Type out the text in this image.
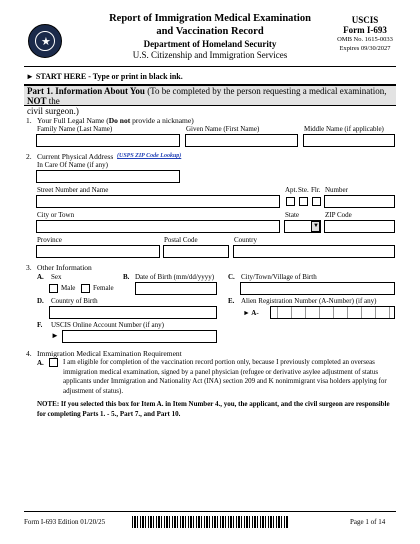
★
Report of Immigration Medical Examination
and Vaccination Record
Department of Homeland Security
U.S. Citizenship and Immigration Services
USCIS
Form I-693
OMB No. 1615-0033
Expires 09/30/2027
► START HERE - Type or print in black ink.
Part 1. Information About You (To be completed by the person requesting a medical examination, NOT the
civil surgeon.)
1. Your Full Legal Name (Do not provide a nickname)
Family Name (Last Name)	Given Name (First Name)	Middle Name (if applicable)
2. Current Physical Address (USPS ZIP Code Lookup)
In Care Of Name (if any)
Street Number and Name	Apt. Ste. Flr. Number
City or Town	State	ZIP Code
▼
Province	Postal Code	Country
3. Other Information
A. Sex
Male	Female
B. Date of Birth (mm/dd/yyyy) C. City/Town/Village of Birth
D. Country of Birth	E. Alien Registration Number (A-Number) (if any)
► A-
F. USCIS Online Account Number (if any)
►
4. Immigration Medical Examination Requirement
A.	I am eligible for completion of the vaccination record portion only, because I previously completed an overseas immigration medical examination, signed by a panel physician (refugee or derivative asylee adjustment of status applicants under Immigration and Nationality Act (INA) section 209 and K nonimmigrant visa holders applying for adjustment of status).
NOTE: If you selected this box for Item A. in Item Number 4., you, the applicant, and the civil surgeon are responsible for completing Parts 1. - 5., Part 7., and Part 10.
Form I-693 Edition 01/20/25	Page 1 of 14
